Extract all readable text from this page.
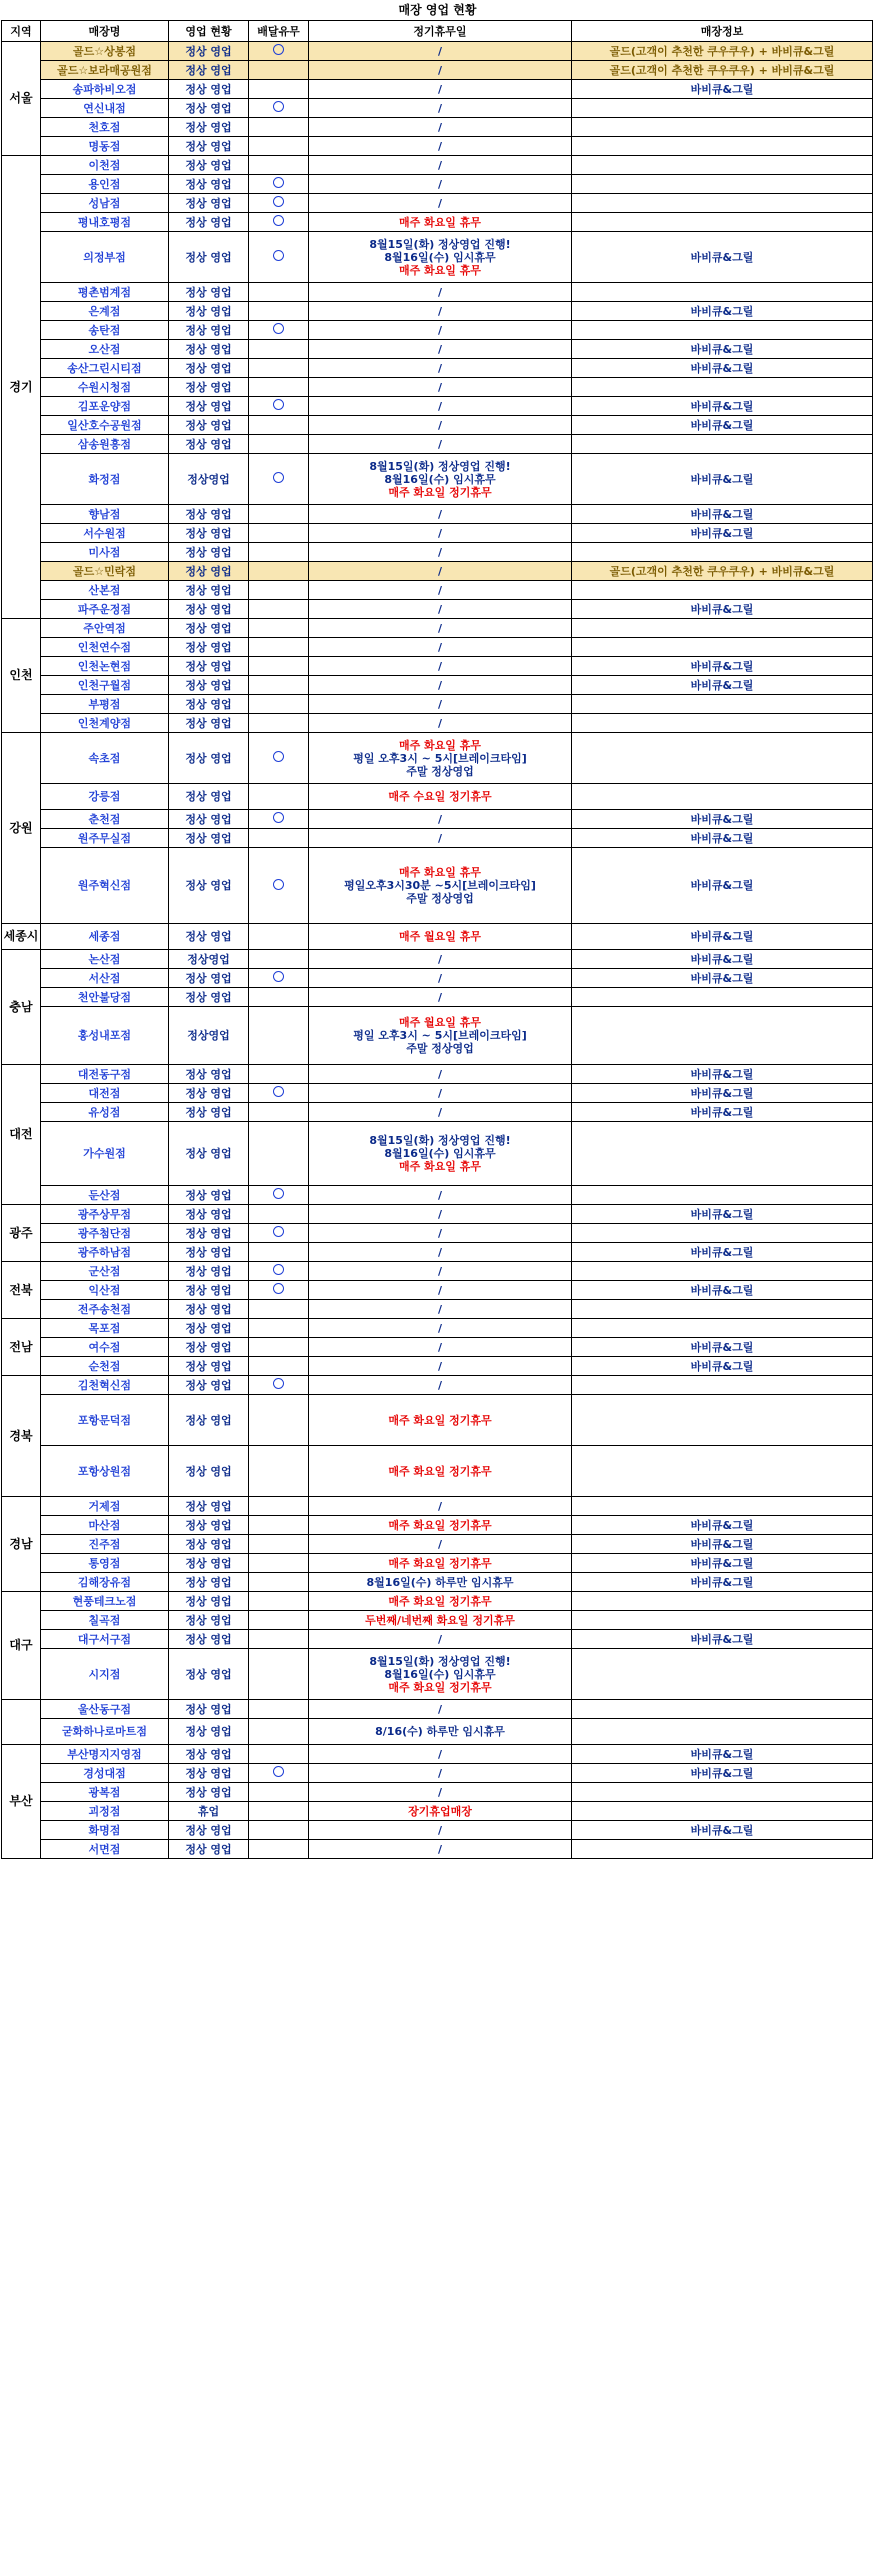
매장 영업 현황
지역	매장명	영업 현황	배달유무	정기휴무일	매장정보
서울	골드☆상봉점	정상 영업		/	골드(고객이 추천한 쿠우쿠우) + 바비큐&그릴
	골드☆보라매공원점	정상 영업		/	골드(고객이 추천한 쿠우쿠우) + 바비큐&그릴
	송파하비오점	정상 영업		/	바비큐&그릴
	연신내점	정상 영업		/	

	천호점	정상 영업		/	

	명동점	정상 영업		/	

경기	이천점	정상 영업		/	

	용인점	정상 영업		/	

	성남점	정상 영업		/	

	평내호평점	정상 영업		매주 화요일 휴무	

	의정부점	정상 영업		8월15일(화) 정상영업 진행!
8월16일(수) 임시휴무
매주 화요일 휴무	바비큐&그릴
	평촌범계점	정상 영업		/	

	은계점	정상 영업		/	바비큐&그릴
	송탄점	정상 영업		/	

	오산점	정상 영업		/	바비큐&그릴
	송산그린시티점	정상 영업		/	바비큐&그릴
	수원시청점	정상 영업		/	

	김포운양점	정상 영업		/	바비큐&그릴
	일산호수공원점	정상 영업		/	바비큐&그릴
	삼송원흥점	정상 영업		/	

	화정점	정상영업		8월15일(화) 정상영업 진행!
8월16일(수) 임시휴무
매주 화요일 정기휴무	바비큐&그릴
	향남점	정상 영업		/	바비큐&그릴
	서수원점	정상 영업		/	바비큐&그릴
	미사점	정상 영업		/	

	골드☆민락점	정상 영업		/	골드(고객이 추천한 쿠우쿠우) + 바비큐&그릴
	산본점	정상 영업		/	

	파주운정점	정상 영업		/	바비큐&그릴
인천	주안역점	정상 영업		/	

	인천연수점	정상 영업		/	

	인천논현점	정상 영업		/	바비큐&그릴
	인천구월점	정상 영업		/	바비큐&그릴
	부평점	정상 영업		/	

	인천계양점	정상 영업		/	

강원	속초점	정상 영업		매주 화요일 휴무
평일 오후3시 ~ 5시[브레이크타임]
주말 정상영업	

	강릉점	정상 영업		매주 수요일 정기휴무	

	춘천점	정상 영업		/	바비큐&그릴
	원주무실점	정상 영업		/	바비큐&그릴
	원주혁신점	정상 영업		매주 화요일 휴무
평일오후3시30분 ~5시[브레이크타임]
주말 정상영업	바비큐&그릴
세종시	세종점	정상 영업		매주 월요일 휴무	바비큐&그릴
충남	논산점	정상영업		/	바비큐&그릴
	서산점	정상 영업		/	바비큐&그릴
	천안불당점	정상 영업		/	

	홍성내포점	정상영업		매주 월요일 휴무
평일 오후3시 ~ 5시[브레이크타임]
주말 정상영업	

대전	대전동구점	정상 영업		/	바비큐&그릴
	대전점	정상 영업		/	바비큐&그릴
	유성점	정상 영업		/	바비큐&그릴
	가수원점	정상 영업		8월15일(화) 정상영업 진행!
8월16일(수) 임시휴무
매주 화요일 휴무	

	둔산점	정상 영업		/	

광주	광주상무점	정상 영업		/	바비큐&그릴
	광주첨단점	정상 영업		/	

	광주하남점	정상 영업		/	바비큐&그릴
전북	군산점	정상 영업		/	

	익산점	정상 영업		/	바비큐&그릴
	전주송천점	정상 영업		/	

전남	목포점	정상 영업		/	

	여수점	정상 영업		/	바비큐&그릴
	순천점	정상 영업		/	바비큐&그릴
경북	김천혁신점	정상 영업		/	

	포항문덕점	정상 영업		매주 화요일 정기휴무	

	포항상원점	정상 영업		매주 화요일 정기휴무	

경남	거제점	정상 영업		/	

	마산점	정상 영업		매주 화요일 정기휴무	바비큐&그릴
	진주점	정상 영업		/	바비큐&그릴
	통영점	정상 영업		매주 화요일 정기휴무	바비큐&그릴
	김해장유점	정상 영업		8월16일(수) 하루만 임시휴무	바비큐&그릴
대구	현풍테크노점	정상 영업		매주 화요일 정기휴무	

	칠곡점	정상 영업		두번째/네번째 화요일 정기휴무	

	대구서구점	정상 영업		/	바비큐&그릴
	시지점	정상 영업		8월15일(화) 정상영업 진행!
8월16일(수) 임시휴무
매주 화요일 정기휴무	

	울산동구점	정상 영업		/	

	굳화하나로마트점	정상 영업		8/16(수) 하루만 임시휴무	

부산	부산명지지영점	정상 영업		/	바비큐&그릴
	경성대점	정상 영업		/	바비큐&그릴
	광복점	정상 영업		/	

	괴정점	휴업		장기휴업매장	

	화명점	정상 영업		/	바비큐&그릴
	서면점	정상 영업		/	
